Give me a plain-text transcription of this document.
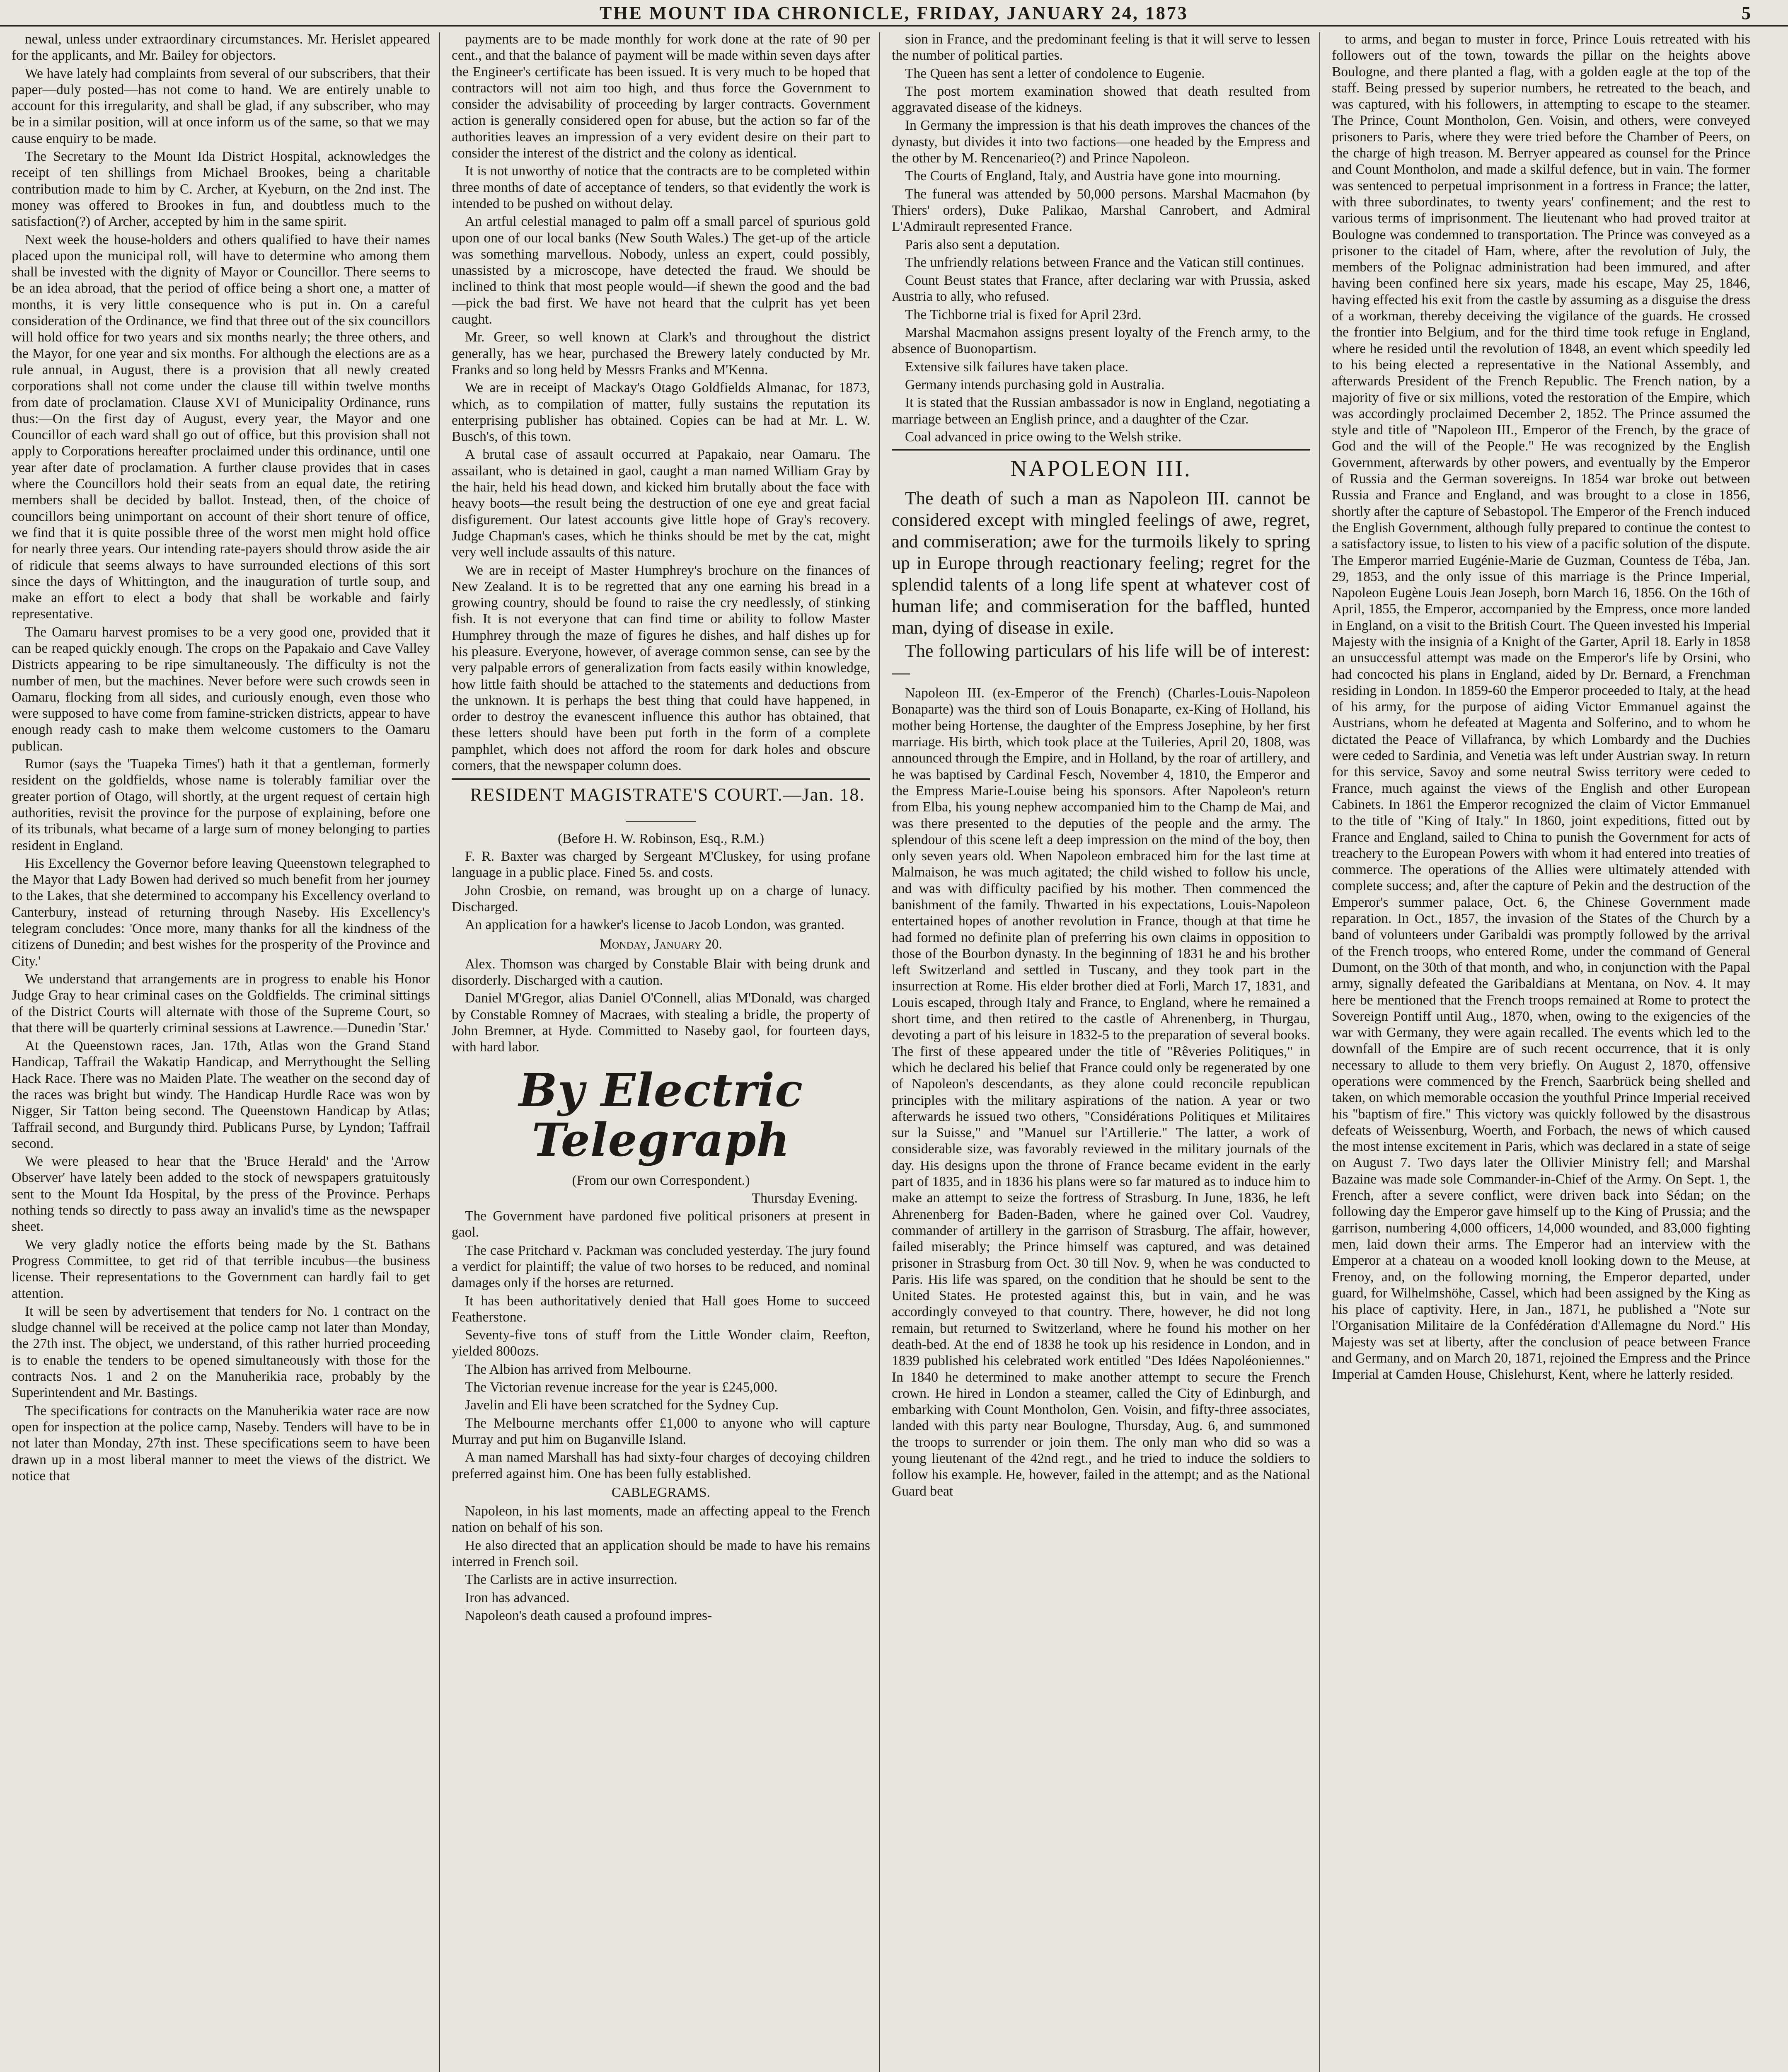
THE MOUNT IDA CHRONICLE, FRIDAY, JANUARY 24, 1873	5

newal, unless under extraordinary circumstances. Mr. Herislet appeared for the applicants, and Mr. Bailey for objectors.

We have lately had complaints from several of our subscribers, that their paper—duly posted—has not come to hand. We are entirely unable to account for this irregularity, and shall be glad, if any subscriber, who may be in a similar position, will at once inform us of the same, so that we may cause enquiry to be made.

The Secretary to the Mount Ida District Hospital, acknowledges the receipt of ten shillings from Michael Brookes, being a charitable contribution made to him by C. Archer, at Kyeburn, on the 2nd inst. The money was offered to Brookes in fun, and doubtless much to the satisfaction(?) of Archer, accepted by him in the same spirit.

Next week the house-holders and others qualified to have their names placed upon the municipal roll, will have to determine who among them shall be invested with the dignity of Mayor or Councillor. There seems to be an idea abroad, that the period of office being a short one, a matter of months, it is very little consequence who is put in. On a careful consideration of the Ordinance, we find that three out of the six councillors will hold office for two years and six months nearly; the three others, and the Mayor, for one year and six months. For although the elections are as a rule annual, in August, there is a provision that all newly created corporations shall not come under the clause till within twelve months from date of proclamation. Clause XVI of Municipality Ordinance, runs thus:—On the first day of August, every year, the Mayor and one Councillor of each ward shall go out of office, but this provision shall not apply to Corporations hereafter proclaimed under this ordinance, until one year after date of proclamation. A further clause provides that in cases where the Councillors hold their seats from an equal date, the retiring members shall be decided by ballot. Instead, then, of the choice of councillors being unimportant on account of their short tenure of office, we find that it is quite possible three of the worst men might hold office for nearly three years. Our intending rate-payers should throw aside the air of ridicule that seems always to have surrounded elections of this sort since the days of Whittington, and the inauguration of turtle soup, and make an effort to elect a body that shall be workable and fairly representative.

The Oamaru harvest promises to be a very good one, provided that it can be reaped quickly enough. The crops on the Papakaio and Cave Valley Districts appearing to be ripe simultaneously. The difficulty is not the number of men, but the machines. Never before were such crowds seen in Oamaru, flocking from all sides, and curiously enough, even those who were supposed to have come from famine-stricken districts, appear to have enough ready cash to make them welcome customers to the Oamaru publican.

Rumor (says the 'Tuapeka Times') hath it that a gentleman, formerly resident on the goldfields, whose name is tolerably familiar over the greater portion of Otago, will shortly, at the urgent request of certain high authorities, revisit the province for the purpose of explaining, before one of its tribunals, what became of a large sum of money belonging to parties resident in England.

His Excellency the Governor before leaving Queenstown telegraphed to the Mayor that Lady Bowen had derived so much benefit from her journey to the Lakes, that she determined to accompany his Excellency overland to Canterbury, instead of returning through Naseby. His Excellency's telegram concludes: 'Once more, many thanks for all the kindness of the citizens of Dunedin; and best wishes for the prosperity of the Province and City.'

We understand that arrangements are in progress to enable his Honor Judge Gray to hear criminal cases on the Goldfields. The criminal sittings of the District Courts will alternate with those of the Supreme Court, so that there will be quarterly criminal sessions at Lawrence.—Dunedin 'Star.'

At the Queenstown races, Jan. 17th, Atlas won the Grand Stand Handicap, Taffrail the Wakatip Handicap, and Merrythought the Selling Hack Race. There was no Maiden Plate. The weather on the second day of the races was bright but windy. The Handicap Hurdle Race was won by Nigger, Sir Tatton being second. The Queenstown Handicap by Atlas; Taffrail second, and Burgundy third. Publicans Purse, by Lyndon; Taffrail second.

We were pleased to hear that the 'Bruce Herald' and the 'Arrow Observer' have lately been added to the stock of newspapers gratuitously sent to the Mount Ida Hospital, by the press of the Province. Perhaps nothing tends so directly to pass away an invalid's time as the newspaper sheet.

We very gladly notice the efforts being made by the St. Bathans Progress Committee, to get rid of that terrible incubus—the business license. Their representations to the Government can hardly fail to get attention.

It will be seen by advertisement that tenders for No. 1 contract on the sludge channel will be received at the police camp not later than Monday, the 27th inst. The object, we understand, of this rather hurried proceeding is to enable the tenders to be opened simultaneously with those for the contracts Nos. 1 and 2 on the Manuherikia race, probably by the Superintendent and Mr. Bastings.

The specifications for contracts on the Manuherikia water race are now open for inspection at the police camp, Naseby. Tenders will have to be in not later than Monday, 27th inst. These specifications seem to have been drawn up in a most liberal manner to meet the views of the district. We notice that

payments are to be made monthly for work done at the rate of 90 per cent., and that the balance of payment will be made within seven days after the Engineer's certificate has been issued. It is very much to be hoped that contractors will not aim too high, and thus force the Government to consider the advisability of proceeding by larger contracts. Government action is generally considered open for abuse, but the action so far of the authorities leaves an impression of a very evident desire on their part to consider the interest of the district and the colony as identical.

It is not unworthy of notice that the contracts are to be completed within three months of date of acceptance of tenders, so that evidently the work is intended to be pushed on without delay.

An artful celestial managed to palm off a small parcel of spurious gold upon one of our local banks (New South Wales.) The get-up of the article was something marvellous. Nobody, unless an expert, could possibly, unassisted by a microscope, have detected the fraud. We should be inclined to think that most people would—if shewn the good and the bad—pick the bad first. We have not heard that the culprit has yet been caught.

Mr. Greer, so well known at Clark's and throughout the district generally, has we hear, purchased the Brewery lately conducted by Mr. Franks and so long held by Messrs Franks and M'Kenna.

We are in receipt of Mackay's Otago Goldfields Almanac, for 1873, which, as to compilation of matter, fully sustains the reputation its enterprising publisher has obtained. Copies can be had at Mr. L. W. Busch's, of this town.

A brutal case of assault occurred at Papakaio, near Oamaru. The assailant, who is detained in gaol, caught a man named William Gray by the hair, held his head down, and kicked him brutally about the face with heavy boots—the result being the destruction of one eye and great facial disfigurement. Our latest accounts give little hope of Gray's recovery. Judge Chapman's cases, which he thinks should be met by the cat, might very well include assaults of this nature.

We are in receipt of Master Humphrey's brochure on the finances of New Zealand. It is to be regretted that any one earning his bread in a growing country, should be found to raise the cry needlessly, of stinking fish. It is not everyone that can find time or ability to follow Master Humphrey through the maze of figures he dishes, and half dishes up for his pleasure. Everyone, however, of average common sense, can see by the very palpable errors of generalization from facts easily within knowledge, how little faith should be attached to the statements and deductions from the unknown. It is perhaps the best thing that could have happened, in order to destroy the evanescent influence this author has obtained, that these letters should have been put forth in the form of a complete pamphlet, which does not afford the room for dark holes and obscure corners, that the newspaper column does.

RESIDENT MAGISTRATE'S COURT.—Jan. 18.

(Before H. W. Robinson, Esq., R.M.)

F. R. Baxter was charged by Sergeant M'Cluskey, for using profane language in a public place. Fined 5s. and costs.

John Crosbie, on remand, was brought up on a charge of lunacy. Discharged.

An application for a hawker's license to Jacob London, was granted.

Monday, January 20.

Alex. Thomson was charged by Constable Blair with being drunk and disorderly. Discharged with a caution.

Daniel M'Gregor, alias Daniel O'Connell, alias M'Donald, was charged by Constable Romney of Macraes, with stealing a bridle, the property of John Bremner, at Hyde. Committed to Naseby gaol, for fourteen days, with hard labor.

By Electric Telegraph

(From our own Correspondent.)

Thursday Evening.

The Government have pardoned five political prisoners at present in gaol.

The case Pritchard v. Packman was concluded yesterday. The jury found a verdict for plaintiff; the value of two horses to be reduced, and nominal damages only if the horses are returned.

It has been authoritatively denied that Hall goes Home to succeed Featherstone.

Seventy-five tons of stuff from the Little Wonder claim, Reefton, yielded 800ozs.

The Albion has arrived from Melbourne.

The Victorian revenue increase for the year is £245,000.

Javelin and Eli have been scratched for the Sydney Cup.

The Melbourne merchants offer £1,000 to anyone who will capture Murray and put him on Buganville Island.

A man named Marshall has had sixty-four charges of decoying children preferred against him. One has been fully established.

CABLEGRAMS.

Napoleon, in his last moments, made an affecting appeal to the French nation on behalf of his son.

He also directed that an application should be made to have his remains interred in French soil.

The Carlists are in active insurrection.

Iron has advanced.

Napoleon's death caused a profound impres-

sion in France, and the predominant feeling is that it will serve to lessen the number of political parties.

The Queen has sent a letter of condolence to Eugenie.

The post mortem examination showed that death resulted from aggravated disease of the kidneys.

In Germany the impression is that his death improves the chances of the dynasty, but divides it into two factions—one headed by the Empress and the other by M. Rencenarieo(?) and Prince Napoleon.

The Courts of England, Italy, and Austria have gone into mourning.

The funeral was attended by 50,000 persons. Marshal Macmahon (by Thiers' orders), Duke Palikao, Marshal Canrobert, and Admiral L'Admirault represented France.

Paris also sent a deputation.

The unfriendly relations between France and the Vatican still continues.

Count Beust states that France, after declaring war with Prussia, asked Austria to ally, who refused.

The Tichborne trial is fixed for April 23rd.

Marshal Macmahon assigns present loyalty of the French army, to the absence of Buonopartism.

Extensive silk failures have taken place.

Germany intends purchasing gold in Australia.

It is stated that the Russian ambassador is now in England, negotiating a marriage between an English prince, and a daughter of the Czar.

Coal advanced in price owing to the Welsh strike.

NAPOLEON III.

The death of such a man as Napoleon III. cannot be considered except with mingled feelings of awe, regret, and commiseration; awe for the turmoils likely to spring up in Europe through reactionary feeling; regret for the splendid talents of a long life spent at whatever cost of human life; and commiseration for the baffled, hunted man, dying of disease in exile.

The following particulars of his life will be of interest:—

Napoleon III. (ex-Emperor of the French) (Charles-Louis-Napoleon Bonaparte) was the third son of Louis Bonaparte, ex-King of Holland, his mother being Hortense, the daughter of the Empress Josephine, by her first marriage. His birth, which took place at the Tuileries, April 20, 1808, was announced through the Empire, and in Holland, by the roar of artillery, and he was baptised by Cardinal Fesch, November 4, 1810, the Emperor and the Empress Marie-Louise being his sponsors. After Napoleon's return from Elba, his young nephew accompanied him to the Champ de Mai, and was there presented to the deputies of the people and the army. The splendour of this scene left a deep impression on the mind of the boy, then only seven years old. When Napoleon embraced him for the last time at Malmaison, he was much agitated; the child wished to follow his uncle, and was with difficulty pacified by his mother. Then commenced the banishment of the family. Thwarted in his expectations, Louis-Napoleon entertained hopes of another revolution in France, though at that time he had formed no definite plan of preferring his own claims in opposition to those of the Bourbon dynasty. In the beginning of 1831 he and his brother left Switzerland and settled in Tuscany, and they took part in the insurrection at Rome. His elder brother died at Forli, March 17, 1831, and Louis escaped, through Italy and France, to England, where he remained a short time, and then retired to the castle of Ahrenenberg, in Thurgau, devoting a part of his leisure in 1832-5 to the preparation of several books. The first of these appeared under the title of "Rêveries Politiques," in which he declared his belief that France could only be regenerated by one of Napoleon's descendants, as they alone could reconcile republican principles with the military aspirations of the nation. A year or two afterwards he issued two others, "Considérations Politiques et Militaires sur la Suisse," and "Manuel sur l'Artillerie." The latter, a work of considerable size, was favorably reviewed in the military journals of the day. His designs upon the throne of France became evident in the early part of 1835, and in 1836 his plans were so far matured as to induce him to make an attempt to seize the fortress of Strasburg. In June, 1836, he left Ahrenenberg for Baden-Baden, where he gained over Col. Vaudrey, commander of artillery in the garrison of Strasburg. The affair, however, failed miserably; the Prince himself was captured, and was detained prisoner in Strasburg from Oct. 30 till Nov. 9, when he was conducted to Paris. His life was spared, on the condition that he should be sent to the United States. He protested against this, but in vain, and he was accordingly conveyed to that country. There, however, he did not long remain, but returned to Switzerland, where he found his mother on her death-bed. At the end of 1838 he took up his residence in London, and in 1839 published his celebrated work entitled "Des Idées Napoléoniennes." In 1840 he determined to make another attempt to secure the French crown. He hired in London a steamer, called the City of Edinburgh, and embarking with Count Montholon, Gen. Voisin, and fifty-three associates, landed with this party near Boulogne, Thursday, Aug. 6, and summoned the troops to surrender or join them. The only man who did so was a young lieutenant of the 42nd regt., and he tried to induce the soldiers to follow his example. He, however, failed in the attempt; and as the National Guard beat

to arms, and began to muster in force, Prince Louis retreated with his followers out of the town, towards the pillar on the heights above Boulogne, and there planted a flag, with a golden eagle at the top of the staff. Being pressed by superior numbers, he retreated to the beach, and was captured, with his followers, in attempting to escape to the steamer. The Prince, Count Montholon, Gen. Voisin, and others, were conveyed prisoners to Paris, where they were tried before the Chamber of Peers, on the charge of high treason. M. Berryer appeared as counsel for the Prince and Count Montholon, and made a skilful defence, but in vain. The former was sentenced to perpetual imprisonment in a fortress in France; the latter, with three subordinates, to twenty years' confinement; and the rest to various terms of imprisonment. The lieutenant who had proved traitor at Boulogne was condemned to transportation. The Prince was conveyed as a prisoner to the citadel of Ham, where, after the revolution of July, the members of the Polignac administration had been immured, and after having been confined here six years, made his escape, May 25, 1846, having effected his exit from the castle by assuming as a disguise the dress of a workman, thereby deceiving the vigilance of the guards. He crossed the frontier into Belgium, and for the third time took refuge in England, where he resided until the revolution of 1848, an event which speedily led to his being elected a representative in the National Assembly, and afterwards President of the French Republic. The French nation, by a majority of five or six millions, voted the restoration of the Empire, which was accordingly proclaimed December 2, 1852. The Prince assumed the style and title of "Napoleon III., Emperor of the French, by the grace of God and the will of the People." He was recognized by the English Government, afterwards by other powers, and eventually by the Emperor of Russia and the German sovereigns. In 1854 war broke out between Russia and France and England, and was brought to a close in 1856, shortly after the capture of Sebastopol. The Emperor of the French induced the English Government, although fully prepared to continue the contest to a satisfactory issue, to listen to his view of a pacific solution of the dispute. The Emperor married Eugénie-Marie de Guzman, Countess de Téba, Jan. 29, 1853, and the only issue of this marriage is the Prince Imperial, Napoleon Eugène Louis Jean Joseph, born March 16, 1856. On the 16th of April, 1855, the Emperor, accompanied by the Empress, once more landed in England, on a visit to the British Court. The Queen invested his Imperial Majesty with the insignia of a Knight of the Garter, April 18. Early in 1858 an unsuccessful attempt was made on the Emperor's life by Orsini, who had concocted his plans in England, aided by Dr. Bernard, a Frenchman residing in London. In 1859-60 the Emperor proceeded to Italy, at the head of his army, for the purpose of aiding Victor Emmanuel against the Austrians, whom he defeated at Magenta and Solferino, and to whom he dictated the Peace of Villafranca, by which Lombardy and the Duchies were ceded to Sardinia, and Venetia was left under Austrian sway. In return for this service, Savoy and some neutral Swiss territory were ceded to France, much against the views of the English and other European Cabinets. In 1861 the Emperor recognized the claim of Victor Emmanuel to the title of "King of Italy." In 1860, joint expeditions, fitted out by France and England, sailed to China to punish the Government for acts of treachery to the European Powers with whom it had entered into treaties of commerce. The operations of the Allies were ultimately attended with complete success; and, after the capture of Pekin and the destruction of the Emperor's summer palace, Oct. 6, the Chinese Government made reparation. In Oct., 1857, the invasion of the States of the Church by a band of volunteers under Garibaldi was promptly followed by the arrival of the French troops, who entered Rome, under the command of General Dumont, on the 30th of that month, and who, in conjunction with the Papal army, signally defeated the Garibaldians at Mentana, on Nov. 4. It may here be mentioned that the French troops remained at Rome to protect the Sovereign Pontiff until Aug., 1870, when, owing to the exigencies of the war with Germany, they were again recalled. The events which led to the downfall of the Empire are of such recent occurrence, that it is only necessary to allude to them very briefly. On August 2, 1870, offensive operations were commenced by the French, Saarbrück being shelled and taken, on which memorable occasion the youthful Prince Imperial received his "baptism of fire." This victory was quickly followed by the disastrous defeats of Weissenburg, Woerth, and Forbach, the news of which caused the most intense excitement in Paris, which was declared in a state of seige on August 7. Two days later the Ollivier Ministry fell; and Marshal Bazaine was made sole Commander-in-Chief of the Army. On Sept. 1, the French, after a severe conflict, were driven back into Sédan; on the following day the Emperor gave himself up to the King of Prussia; and the garrison, numbering 4,000 officers, 14,000 wounded, and 83,000 fighting men, laid down their arms. The Emperor had an interview with the Emperor at a chateau on a wooded knoll looking down to the Meuse, at Frenoy, and, on the following morning, the Emperor departed, under guard, for Wilhelmshöhe, Cassel, which had been assigned by the King as his place of captivity. Here, in Jan., 1871, he published a "Note sur l'Organisation Militaire de la Confédération d'Allemagne du Nord." His Majesty was set at liberty, after the conclusion of peace between France and Germany, and on March 20, 1871, rejoined the Empress and the Prince Imperial at Camden House, Chislehurst, Kent, where he latterly resided.
